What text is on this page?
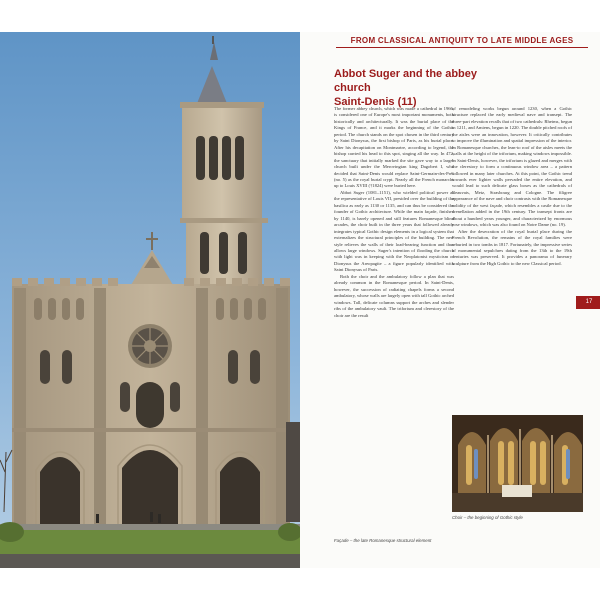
FROM CLASSICAL ANTIQUITY TO LATE MIDDLE AGES
Abbot Suger and the abbey church
Saint-Denis (11)

The former abbey church, which was made a cathedral in 1966, is considered one of Europe's most important monuments, both historically and architecturally. It was the burial place of the Kings of France, and it marks the beginning of the Gothic period. The church stands on the spot chosen in the third century by Saint Dionysus, the first bishop of Paris, as his burial place. After his decapitation on Montmartre, according to legend, the bishop carried his head to this spot, singing all the way. In 472, the sanctuary that initially marked the site gave way to a larger church built under the Merovingian king Dagobert I, who decided that Saint-Denis would replace Saint-Germain-des-Prés (no. 5) as the royal burial crypt. Nearly all the French monarchs up to Louis XVIII (†1824) were buried here.

Abbot Suger (1081–1151), who wielded political power as the representative of Louis VII, presided over the building of the basilica as early as 1130 or 1135, and can thus be considered the founder of Gothic architecture. While the main façade, finished by 1140, is barely opened and still features Romanesque blind arcades, the choir built in the three years that followed already integrates typical Gothic design elements in a logical system that externalizes the structural principles of the building. The new style relieves the walls of their load-bearing function and thus allows large windows. Suger's intention of flooding the church with light was in keeping with the Neoplatonist mysticism of Dionysus the Areopagite – a figure popularly identified with Saint Dionysus of Paris.

Both the choir and the ambulatory follow a plan that was already common in the Romanesque period. In Saint-Denis, however, the succession of radiating chapels forms a second ambulatory, whose walls are largely open with tall Gothic arched windows. Tall, delicate columns support the arches and slender ribs of the ambulatory vault. The triforium and clerestory of the choir are the result

of remodeling works begun around 1230, when a Gothic structure replaced the early medieval nave and transept. The three-part elevation recalls that of two cathedrals: Rheims, begun in 1211, and Amiens, begun in 1220. The double pitched roofs of the aisles were an innovation, however. It critically contributes to improve the illumination and spatial impression of the interior. In Romanesque churches, the lean-to roof of the aisles meets the walls at the height of the triforium, making windows impossible. In Saint-Denis, however, the triforium is glazed and merges with the clerestory to form a continuous window area – a pattern followed in many later churches. At this point, the Gothic trend towards ever lighter walls pervaded the entire elevation, and would lead to such delicate glass boxes as the cathedrals of Beauvais, Metz, Strasbourg and Cologne. The filigree appearance of the nave and choir contrasts with the Romanesque solidity of the west façade, which resembles a castle due to the crenellation added in the 19th century. The transept fronts are about a hundred years younger, and characterized by enormous rose windows, which was also found on Notre Dame (no. 19).

After the desecration of the royal burial place during the French Revolution, the remains of the royal families were reburied in two tombs in 1817. Fortunately, the impressive series of monumental sepulchres dating from the 13th to the 19th centuries was preserved. It provides a panorama of funerary sculpture from the High Gothic to the new Classical period.

Choir – the beginning of Gothic style
Façade – the late Romanesque structural element
17
